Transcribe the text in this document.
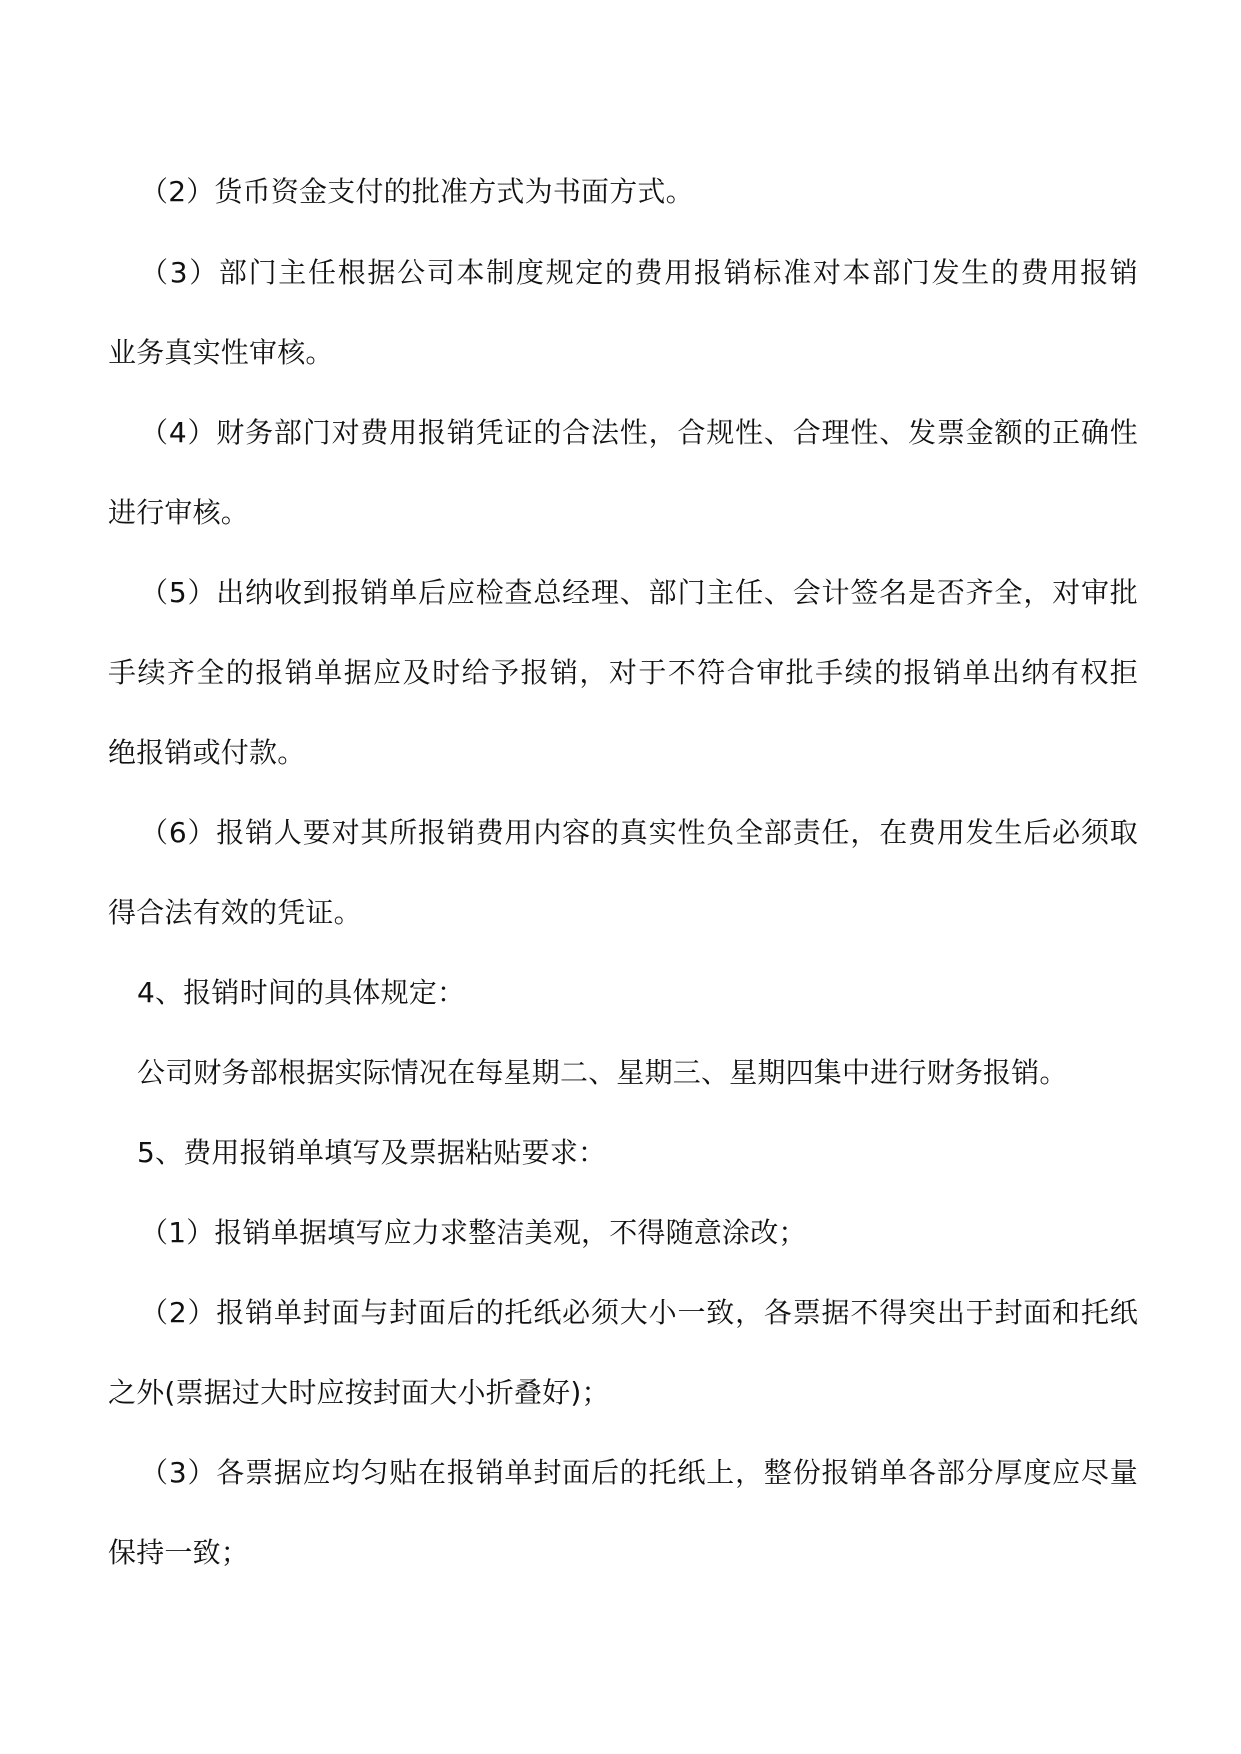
（2）货币资金支付的批准方式为书面方式。
（3）部门主任根据公司本制度规定的费用报销标准对本部门发生的费用报销
业务真实性审核。
（4）财务部门对费用报销凭证的合法性，合规性、合理性、发票金额的正确性
进行审核。
（5）出纳收到报销单后应检查总经理、部门主任、会计签名是否齐全，对审批
手续齐全的报销单据应及时给予报销，对于不符合审批手续的报销单出纳有权拒
绝报销或付款。
（6）报销人要对其所报销费用内容的真实性负全部责任，在费用发生后必须取
得合法有效的凭证。
4、报销时间的具体规定：
公司财务部根据实际情况在每星期二、星期三、星期四集中进行财务报销。
5、费用报销单填写及票据粘贴要求：
（1）报销单据填写应力求整洁美观，不得随意涂改；
（2）报销单封面与封面后的托纸必须大小一致，各票据不得突出于封面和托纸
之外(票据过大时应按封面大小折叠好)；
（3）各票据应均匀贴在报销单封面后的托纸上，整份报销单各部分厚度应尽量
保持一致；
